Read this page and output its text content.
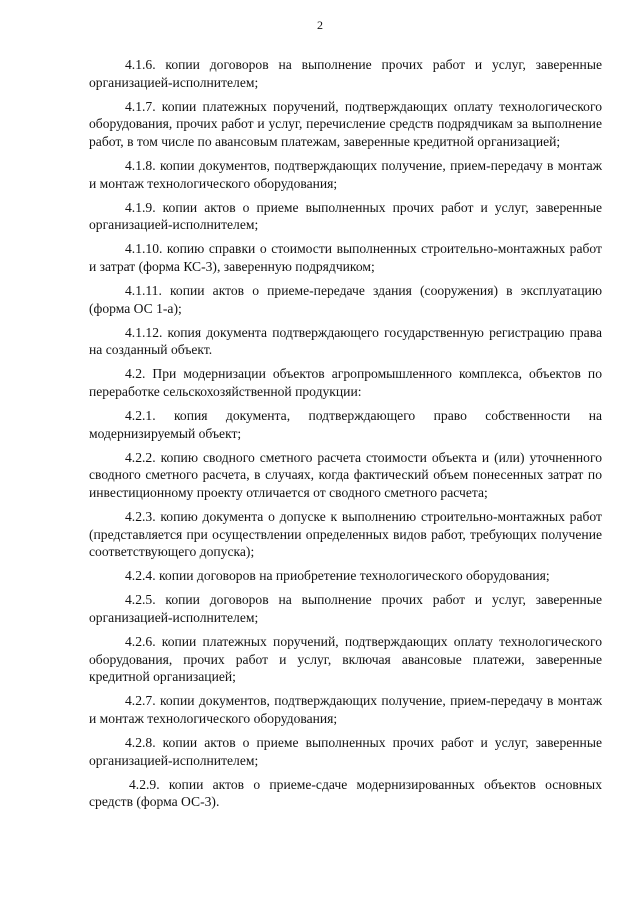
2

4.1.6. копии договоров на выполнение прочих работ и услуг, заверенные организацией-исполнителем;

4.1.7. копии платежных поручений, подтверждающих оплату технологического оборудования, прочих работ и услуг, перечисление средств подрядчикам за выполнение работ, в том числе по авансовым платежам, заверенные кредитной организацией;

4.1.8. копии документов, подтверждающих получение, прием-передачу в монтаж и монтаж технологического оборудования;

4.1.9. копии актов о приеме выполненных прочих работ и услуг, заверенные организацией-исполнителем;

4.1.10. копию справки о стоимости выполненных строительно-монтажных работ и затрат (форма КС-3), заверенную подрядчиком;

4.1.11. копии актов о приеме-передаче здания (сооружения) в эксплуатацию (форма ОС 1-а);

4.1.12. копия документа подтверждающего государственную регистрацию права на созданный объект.

4.2. При модернизации объектов агропромышленного комплекса, объектов по переработке сельскохозяйственной продукции:

4.2.1. копия документа, подтверждающего право собственности на модернизируемый объект;

4.2.2. копию сводного сметного расчета стоимости объекта и (или) уточненного сводного сметного расчета, в случаях, когда фактический объем понесенных затрат по инвестиционному проекту отличается от сводного сметного расчета;

4.2.3. копию документа о допуске к выполнению строительно-монтажных работ (представляется при осуществлении определенных видов работ, требующих получение соответствующего допуска);

4.2.4. копии договоров на приобретение технологического оборудования;

4.2.5. копии договоров на выполнение прочих работ и услуг, заверенные организацией-исполнителем;

4.2.6. копии платежных поручений, подтверждающих оплату технологического оборудования, прочих работ и услуг, включая авансовые платежи, заверенные кредитной организацией;

4.2.7. копии документов, подтверждающих получение, прием-передачу в монтаж и монтаж технологического оборудования;

4.2.8. копии актов о приеме выполненных прочих работ и услуг, заверенные организацией-исполнителем;

4.2.9. копии актов о приеме-сдаче модернизированных объектов основных средств (форма ОС-3).
